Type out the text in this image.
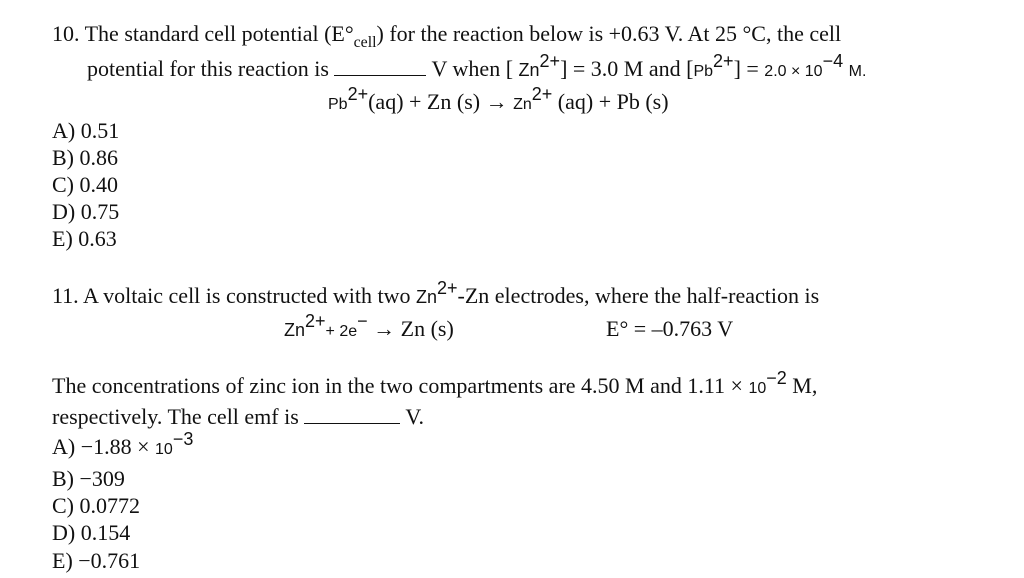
10. The standard cell potential $(E^\circ_{cell})$ for the reaction below is +0.63 V. At 25 °C, the cell
potential for this reaction is	V when [ $Zn^{2+}] = 3.0$ M and $[Pb^{2+}] = 2.0 \times 10^{-4}$ M.
$Pb^{2+}(aq) + Zn$ $(s) \to Zn^{2+}$ (aq) + Pb (s)
A) 0.51
B) 0.86
C) 0.40
D) 0.75
E) 0.63
11. A voltaic cell is constructed with two $Zn^{2+}-Zn$ electrodes, where the half-reaction is
$Zn^{2+}+ 2e^- \to Zn$ (s)	E° = –0.763 V
The concentrations of zinc ion in the two compartments are 4.50 M and $1.11 \times 10^{-2}$ M,
respectively. The cell emf is	V.
$A) -1.88 \times 10^{-3}$
B) −309
C) 0.0772
D) 0.154
E) −0.761
